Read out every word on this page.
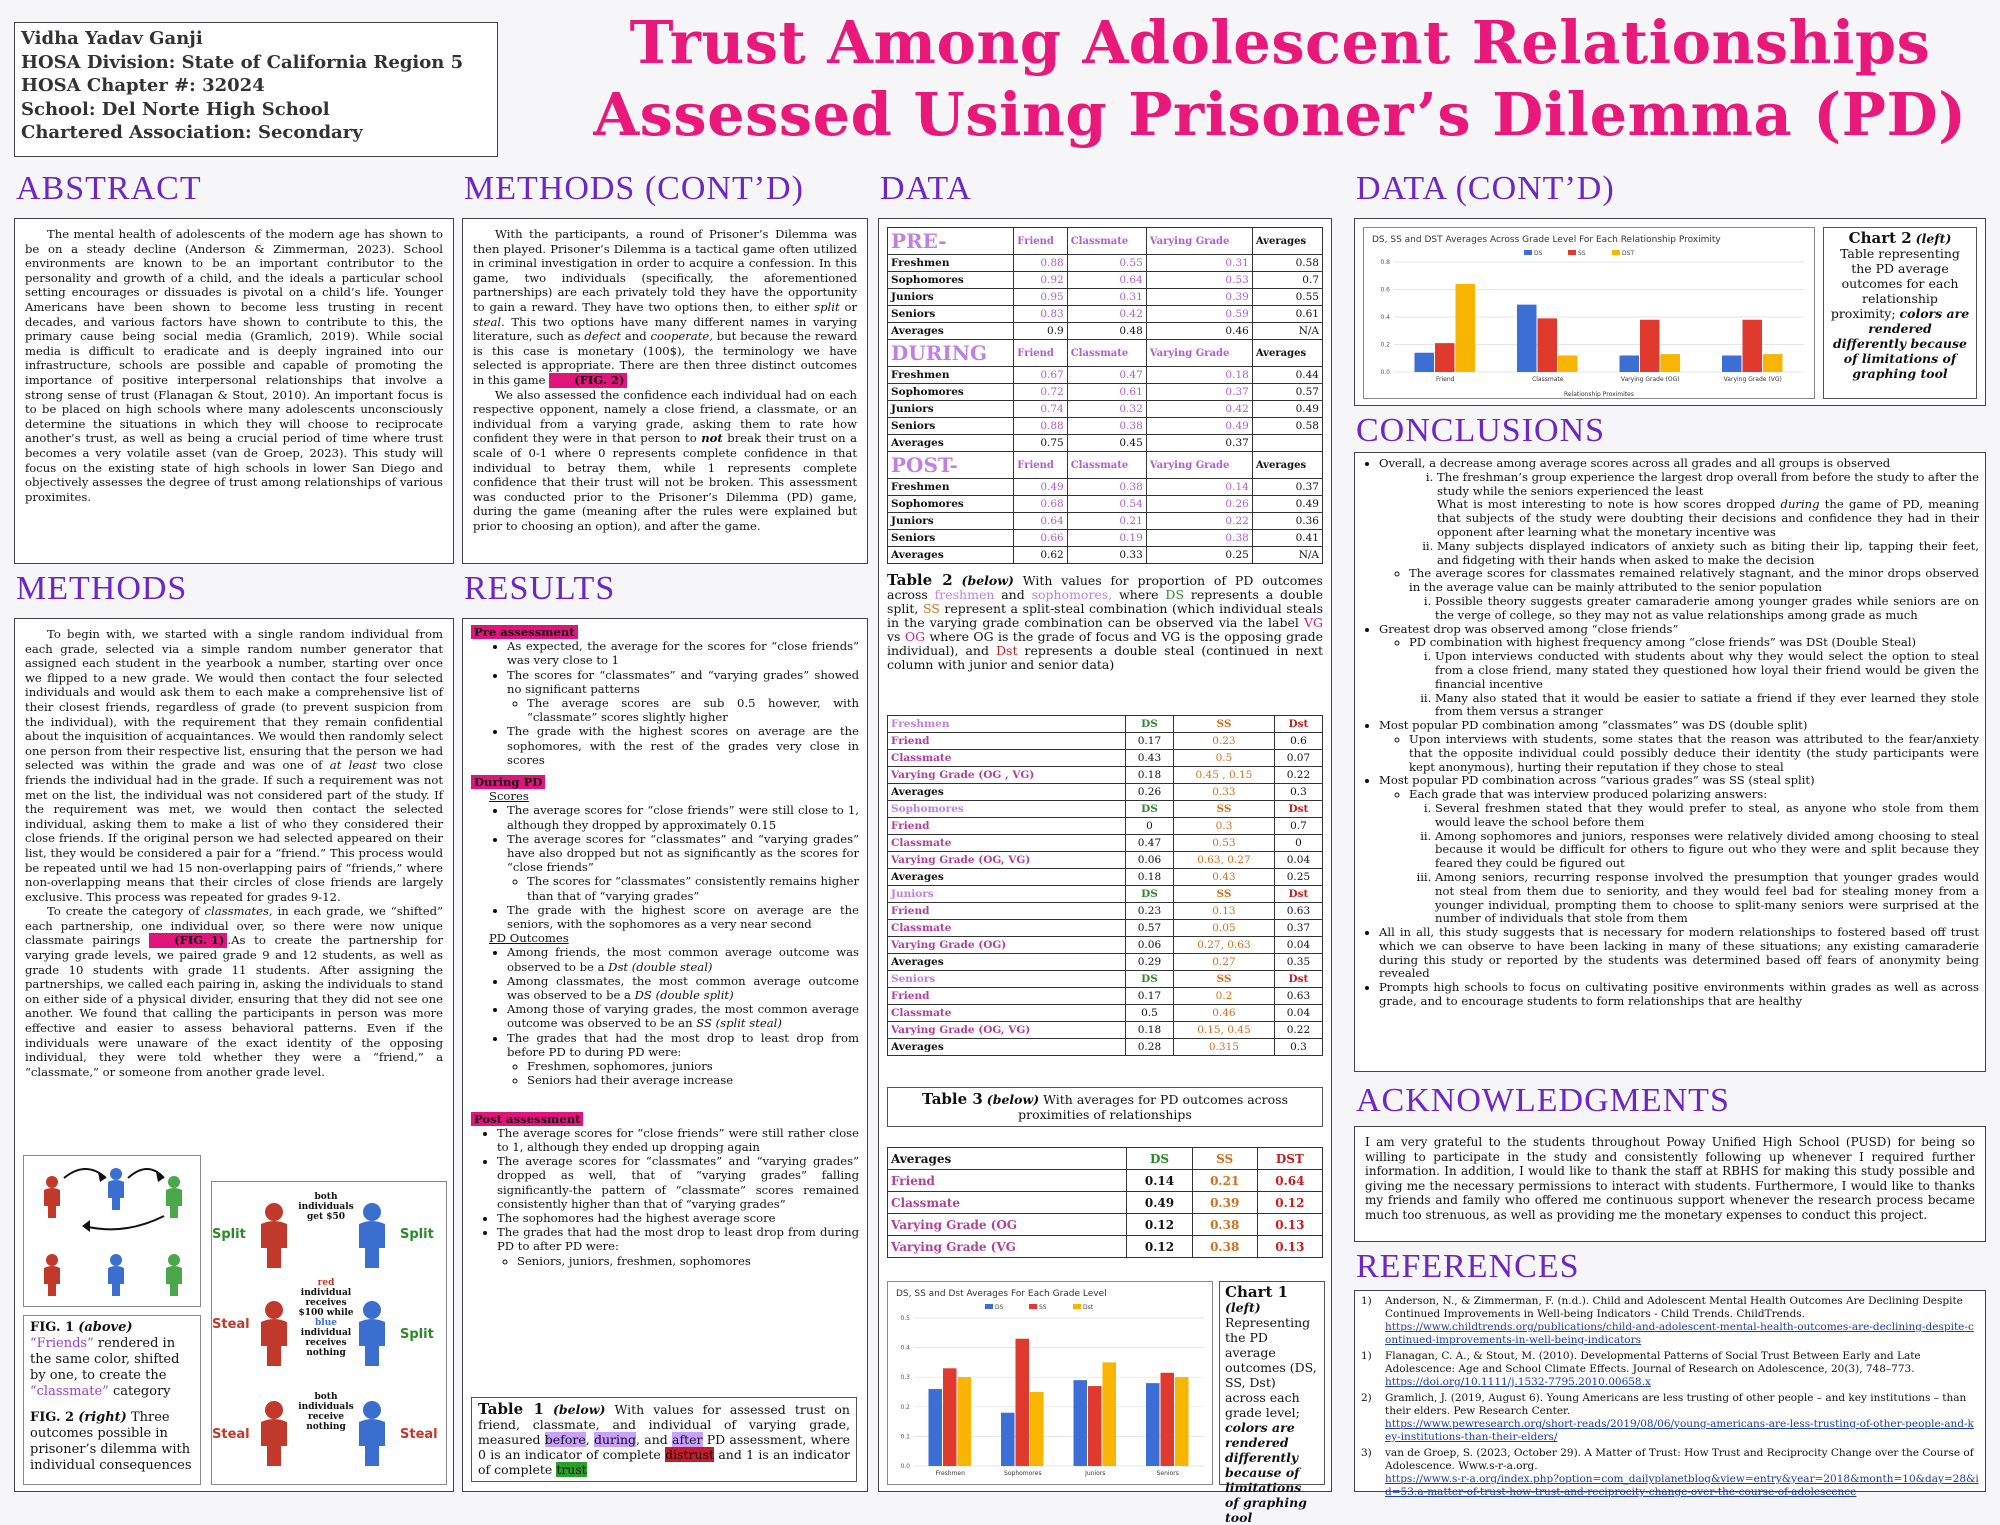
Vidha Yadav Ganji
HOSA Division: State of California Region 5
HOSA Chapter #: 32024
School: Del Norte High School
Chartered Association: Secondary
Trust Among Adolescent Relationships
Assessed Using Prisoner’s Dilemma (PD)
ABSTRACT

The mental health of adolescents of the modern age has shown to be on a steady decline (Anderson & Zimmerman, 2023). School environments are known to be an important contributor to the personality and growth of a child, and the ideals a particular school setting encourages or dissuades is pivotal on a child’s life. Younger Americans have been shown to become less trusting in recent decades, and various factors have shown to contribute to this, the primary cause being social media (Gramlich, 2019). While social media is difficult to eradicate and is deeply ingrained into our infrastructure, schools are possible and capable of promoting the importance of positive interpersonal relationships that involve a strong sense of trust (Flanagan & Stout, 2010). An important focus is to be placed on high schools where many adolescents unconsciously determine the situations in which they will choose to reciprocate another’s trust, as well as being a crucial period of time where trust becomes a very volatile asset (van de Groep, 2023). This study will focus on the existing state of high schools in lower San Diego and objectively assesses the degree of trust among relationships of various proximites.

METHODS

To begin with, we started with a single random individual from each grade, selected via a simple random number generator that assigned each student in the yearbook a number, starting over once we flipped to a new grade. We would then contact the four selected individuals and would ask them to each make a comprehensive list of their closest friends, regardless of grade (to prevent suspicion from the individual), with the requirement that they remain confidential about the inquisition of acquaintances. We would then randomly select one person from their respective list, ensuring that the person we had selected was within the grade and was one of at least two close friends the individual had in the grade. If such a requirement was not met on the list, the individual was not considered part of the study. If the requirement was met, we would then contact the selected individual, asking them to make a list of who they considered their close friends. If the original person we had selected appeared on their list, they would be considered a pair for a “friend.” This process would be repeated until we had 15 non-overlapping pairs of “friends,” where non-overlapping means that their circles of close friends are largely exclusive. This process was repeated for grades 9-12.

To create the category of classmates, in each grade, we “shifted” each partnership, one individual over, so there were now unique classmate pairings	(FIG. 1) .As to create the partnership for varying grade levels, we paired grade 9 and 12 students, as well as grade 10 students with grade 11 students. After assigning the partnerships, we called each pairing in, asking the individuals to stand on either side of a physical divider, ensuring that they did not see one another. We found that calling the participants in person was more effective and easier to assess behavioral patterns. Even if the individuals were unaware of the exact identity of the opposing individual, they were told whether they were a “friend,” a “classmate,” or someone from another grade level.

FIG. 1 (above)
“Friends” rendered in the same color, shifted by one, to create the “classmate” category
FIG. 2 (right) Three outcomes possible in prisoner’s dilemma with individual consequences
Split	Split
Steal
Split
Steal	Steal
both individuals get $50
red individual receives $100 while blue individual receives nothing
both individuals receive nothing
METHODS (CONT’D)

With the participants, a round of Prisoner’s Dilemma was then played. Prisoner’s Dilemma is a tactical game often utilized in criminal investigation in order to acquire a confession. In this game, two individuals (specifically, the aforementioned partnerships) are each privately told they have the opportunity to gain a reward. They have two options then, to either split or steal. This two options have many different names in varying literature, such as defect and cooperate, but because the reward is this case is monetary (100$), the terminology we have selected is appropriate. There are then three distinct outcomes in this game (FIG. 2)

We also assessed the confidence each individual had on each respective opponent, namely a close friend, a classmate, or an individual from a varying grade, asking them to rate how confident they were in that person to not break their trust on a scale of 0-1 where 0 represents complete confidence in that individual to betray them, while 1 represents complete confidence that their trust will not be broken. This assessment was conducted prior to the Prisoner’s Dilemma (PD) game, during the game (meaning after the rules were explained but prior to choosing an option), and after the game.

RESULTS
Pre assessment
• As expected, the average for the scores for “close friends” was very close to 1
• The scores for “classmates” and “varying grades” showed no significant patterns
◦ The average scores are sub 0.5 however, with “classmate” scores slightly higher
• The grade with the highest scores on average are the sophomores, with the rest of the grades very close in scores
During PD
Scores
• The average scores for “close friends” were still close to 1, although they dropped by approximately 0.15
• The average scores for “classmates” and “varying grades” have also dropped but not as significantly as the scores for “close friends”
◦ The scores for “classmates” consistently remains higher than that of “varying grades”
• The grade with the highest score on average are the seniors, with the sophomores as a very near second
PD Outcomes
• Among friends, the most common average outcome was observed to be a Dst (double steal)
• Among classmates, the most common average outcome was observed to be a DS (double split)
• Among those of varying grades, the most common average outcome was observed to be an SS (split steal)
• The grades that had the most drop to least drop from before PD to during PD were:
◦ Freshmen, sophomores, juniors
◦ Seniors had their average increase
Post assessment
• The average scores for “close friends” were still rather close to 1, although they ended up dropping again
• The average scores for “classmates” and “varying grades” dropped as well, that of “varying grades” falling significantly-the pattern of “classmate” scores remained consistently higher than that of “varying grades”
• The sophomores had the highest average score
• The grades that had the most drop to least drop from during PD to after PD were:
◦ Seniors, juniors, freshmen, sophomores
Table 1 (below) With values for assessed trust on friend, classmate, and individual of varying grade, measured before, during, and after PD assessment, where 0 is an indicator of complete distrust and 1 is an indicator of complete trust
DATA
PRE-	Friend	Classmate	Varying Grade	Averages
Freshmen	0.88	0.55	0.31	0.58
Sophomores	0.92	0.64	0.53	0.7
Juniors	0.95	0.31	0.39	0.55
Seniors	0.83	0.42	0.59	0.61
Averages	0.9	0.48	0.46	N/A
DURING	Friend	Classmate	Varying Grade	Averages
Freshmen	0.67	0.47	0.18	0.44
Sophomores	0.72	0.61	0.37	0.57
Juniors	0.74	0.32	0.42	0.49
Seniors	0.88	0.38	0.49	0.58
Averages	0.75	0.45	0.37	
POST-	Friend	Classmate	Varying Grade	Averages
Freshmen	0.49	0.38	0.14	0.37
Sophomores	0.68	0.54	0.26	0.49
Juniors	0.64	0.21	0.22	0.36
Seniors	0.66	0.19	0.38	0.41
Averages	0.62	0.33	0.25	N/A
Table 2 (below) With values for proportion of PD outcomes across freshmen and sophomores, where DS represents a double split, SS represent a split-steal combination (which individual steals in the varying grade combination can be observed via the label VG vs OG where OG is the grade of focus and VG is the opposing grade individual), and Dst represents a double steal (continued in next column with junior and senior data)
Freshmen	DS	SS	Dst
Friend	0.17	0.23	0.6
Classmate	0.43	0.5	0.07
Varying Grade (OG , VG)	0.18	0.45 , 0.15	0.22
Averages	0.26	0.33	0.3
Sophomores	DS	SS	Dst
Friend	0	0.3	0.7
Classmate	0.47	0.53	0
Varying Grade (OG, VG)	0.06	0.63, 0.27	0.04
Averages	0.18	0.43	0.25
Juniors	DS	SS	Dst
Friend	0.23	0.13	0.63
Classmate	0.57	0.05	0.37
Varying Grade (OG)	0.06	0.27, 0.63	0.04
Averages	0.29	0.27	0.35
Seniors	DS	SS	Dst
Friend	0.17	0.2	0.63
Classmate	0.5	0.46	0.04
Varying Grade (OG, VG)	0.18	0.15, 0.45	0.22
Averages	0.28	0.315	0.3
Table 3 (below) With averages for PD outcomes across proximities of relationships
Averages	DS	SS	DST
Friend	0.14	0.21	0.64
Classmate	0.49	0.39	0.12
Varying Grade (OG	0.12	0.38	0.13
Varying Grade (VG	0.12	0.38	0.13
DS, SS and Dst Averages For Each Grade Level
DS	SS	Dst
0.0
0.1
0.2
0.3
0.4
0.5
Freshmen	Sophomores	Juniors	Seniors
Chart 1 (left) Representing the PD average outcomes (DS, SS, Dst) across each grade level; colors are rendered differently because of limitations of graphing tool
DATA (CONT’D)
DS, SS and DST Averages Across Grade Level For Each Relationship Proximity
DS	SS	DST
0.0
0.2
0.4
0.6
0.8
Friend	Classmate	Varying Grade (OG)	Varying Grade (VG)
Relationship Proximites
Chart 2 (left) Table representing the PD average outcomes for each relationship proximity; colors are rendered differently because of limitations of graphing tool
CONCLUSIONS
• Overall, a decrease among average scores across all grades and all groups is observed
i. The freshman’s group experience the largest drop overall from before the study to after the study while the seniors experienced the least
What is most interesting to note is how scores dropped during the game of PD, meaning that subjects of the study were doubting their decisions and confidence they had in their opponent after learning what the monetary incentive was
ii. Many subjects displayed indicators of anxiety such as biting their lip, tapping their feet, and fidgeting with their hands when asked to make the decision
◦ The average scores for classmates remained relatively stagnant, and the minor drops observed in the average value can be mainly attributed to the senior population
i. Possible theory suggests greater camaraderie among younger grades while seniors are on the verge of college, so they may not as value relationships among grade as much
• Greatest drop was observed among “close friends”
◦ PD combination with highest frequency among “close friends” was DSt (Double Steal)
i. Upon interviews conducted with students about why they would select the option to steal from a close friend, many stated they questioned how loyal their friend would be given the financial incentive
ii. Many also stated that it would be easier to satiate a friend if they ever learned they stole from them versus a stranger
• Most popular PD combination among “classmates” was DS (double split)
◦ Upon interviews with students, some states that the reason was attributed to the fear/anxiety that the opposite individual could possibly deduce their identity (the study participants were kept anonymous), hurting their reputation if they chose to steal
• Most popular PD combination across “various grades” was SS (steal split)
◦ Each grade that was interview produced polarizing answers:
i. Several freshmen stated that they would prefer to steal, as anyone who stole from them would leave the school before them
ii. Among sophomores and juniors, responses were relatively divided among choosing to steal because it would be difficult for others to figure out who they were and split because they feared they could be figured out
iii. Among seniors, recurring response involved the presumption that younger grades would not steal from them due to seniority, and they would feel bad for stealing money from a younger individual, prompting them to choose to split-many seniors were surprised at the number of individuals that stole from them
• All in all, this study suggests that is necessary for modern relationships to fostered based off trust which we can observe to have been lacking in many of these situations; any existing camaraderie during this study or reported by the students was determined based off fears of anonymity being revealed
• Prompts high schools to focus on cultivating positive environments within grades as well as across grade, and to encourage students to form relationships that are healthy
ACKNOWLEDGMENTS
I am very grateful to the students throughout Poway Unified High School (PUSD) for being so willing to participate in the study and consistently following up whenever I required further information. In addition, I would like to thank the staff at RBHS for making this study possible and giving me the necessary permissions to interact with students. Furthermore, I would like to thanks my friends and family who offered me continuous support whenever the research process became much too strenuous, as well as providing me the monetary expenses to conduct this project.
REFERENCES
1)	Anderson, N., & Zimmerman, F. (n.d.). Child and Adolescent Mental Health Outcomes Are Declining Despite Continued Improvements in Well-being Indicators - Child Trends. ChildTrends.
https://www.childtrends.org/publications/child-and-adolescent-mental-health-outcomes-are-declining-despite-continued-improvements-in-well-being-indicators
1)	Flanagan, C. A., & Stout, M. (2010). Developmental Patterns of Social Trust Between Early and Late Adolescence: Age and School Climate Effects. Journal of Research on Adolescence, 20(3), 748–773.
https://doi.org/10.1111/j.1532-7795.2010.00658.x
2)	Gramlich, J. (2019, August 6). Young Americans are less trusting of other people – and key institutions – than their elders. Pew Research Center.
https://www.pewresearch.org/short-reads/2019/08/06/young-americans-are-less-trusting-of-other-people-and-key-institutions-than-their-elders/
3)	van de Groep, S. (2023, October 29). A Matter of Trust: How Trust and Reciprocity Change over the Course of Adolescence. Www.s-r-a.org.
https://www.s-r-a.org/index.php?option=com_dailyplanetblog&view=entry&year=2018&month=10&day=28&id=53:a-matter-of-trust-how-trust-and-reciprocity-change-over-the-course-of-adolescence
